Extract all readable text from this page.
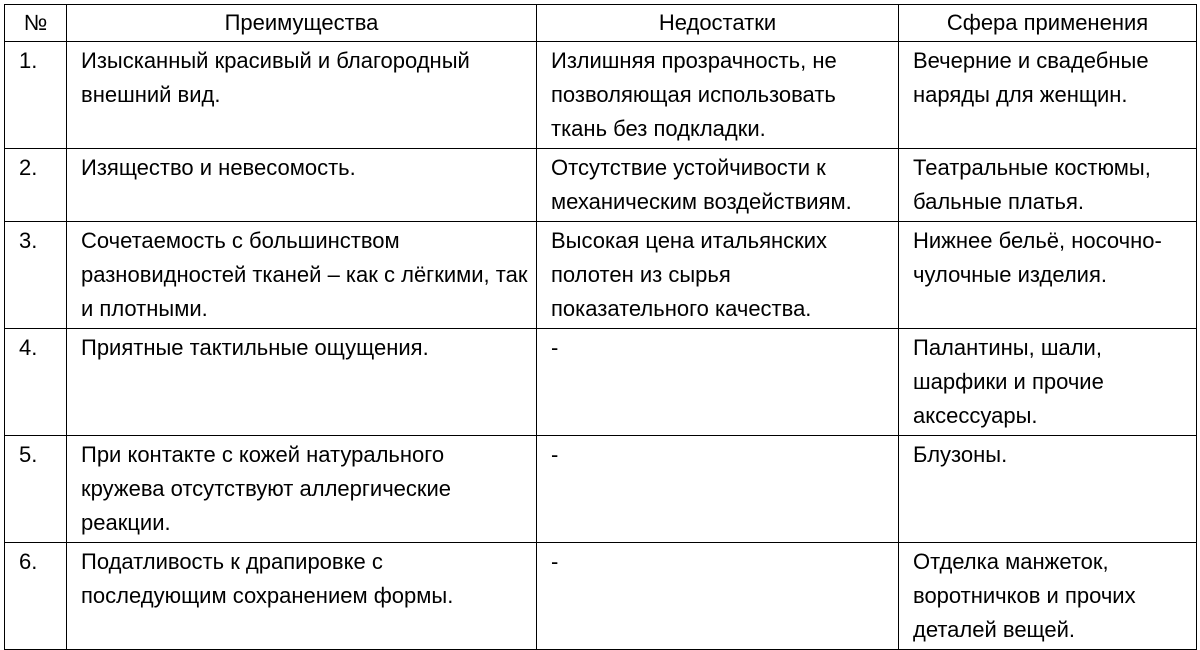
№	Преимущества	Недостатки	Сфера применения
1.	Изысканный красивый и благородный внешний вид.	Излишняя прозрачность, не позволяющая использовать ткань без подкладки.	Вечерние и свадебные наряды для женщин.
2.	Изящество и невесомость.	Отсутствие устойчивости к механическим воздействиям.	Театральные костюмы, бальные платья.
3.	Сочетаемость с большинством разновидностей тканей – как с лёгкими, так и плотными.	Высокая цена итальянских полотен из сырья показательного качества.	Нижнее бельё, носочно-чулочные изделия.
4.	Приятные тактильные ощущения.	-	Палантины, шали, шарфики и прочие аксессуары.
5.	При контакте с кожей натурального кружева отсутствуют аллергические реакции.	-	Блузоны.
6.	Податливость к драпировке с последующим сохранением формы.	-	Отделка манжеток, воротничков и прочих деталей вещей.
